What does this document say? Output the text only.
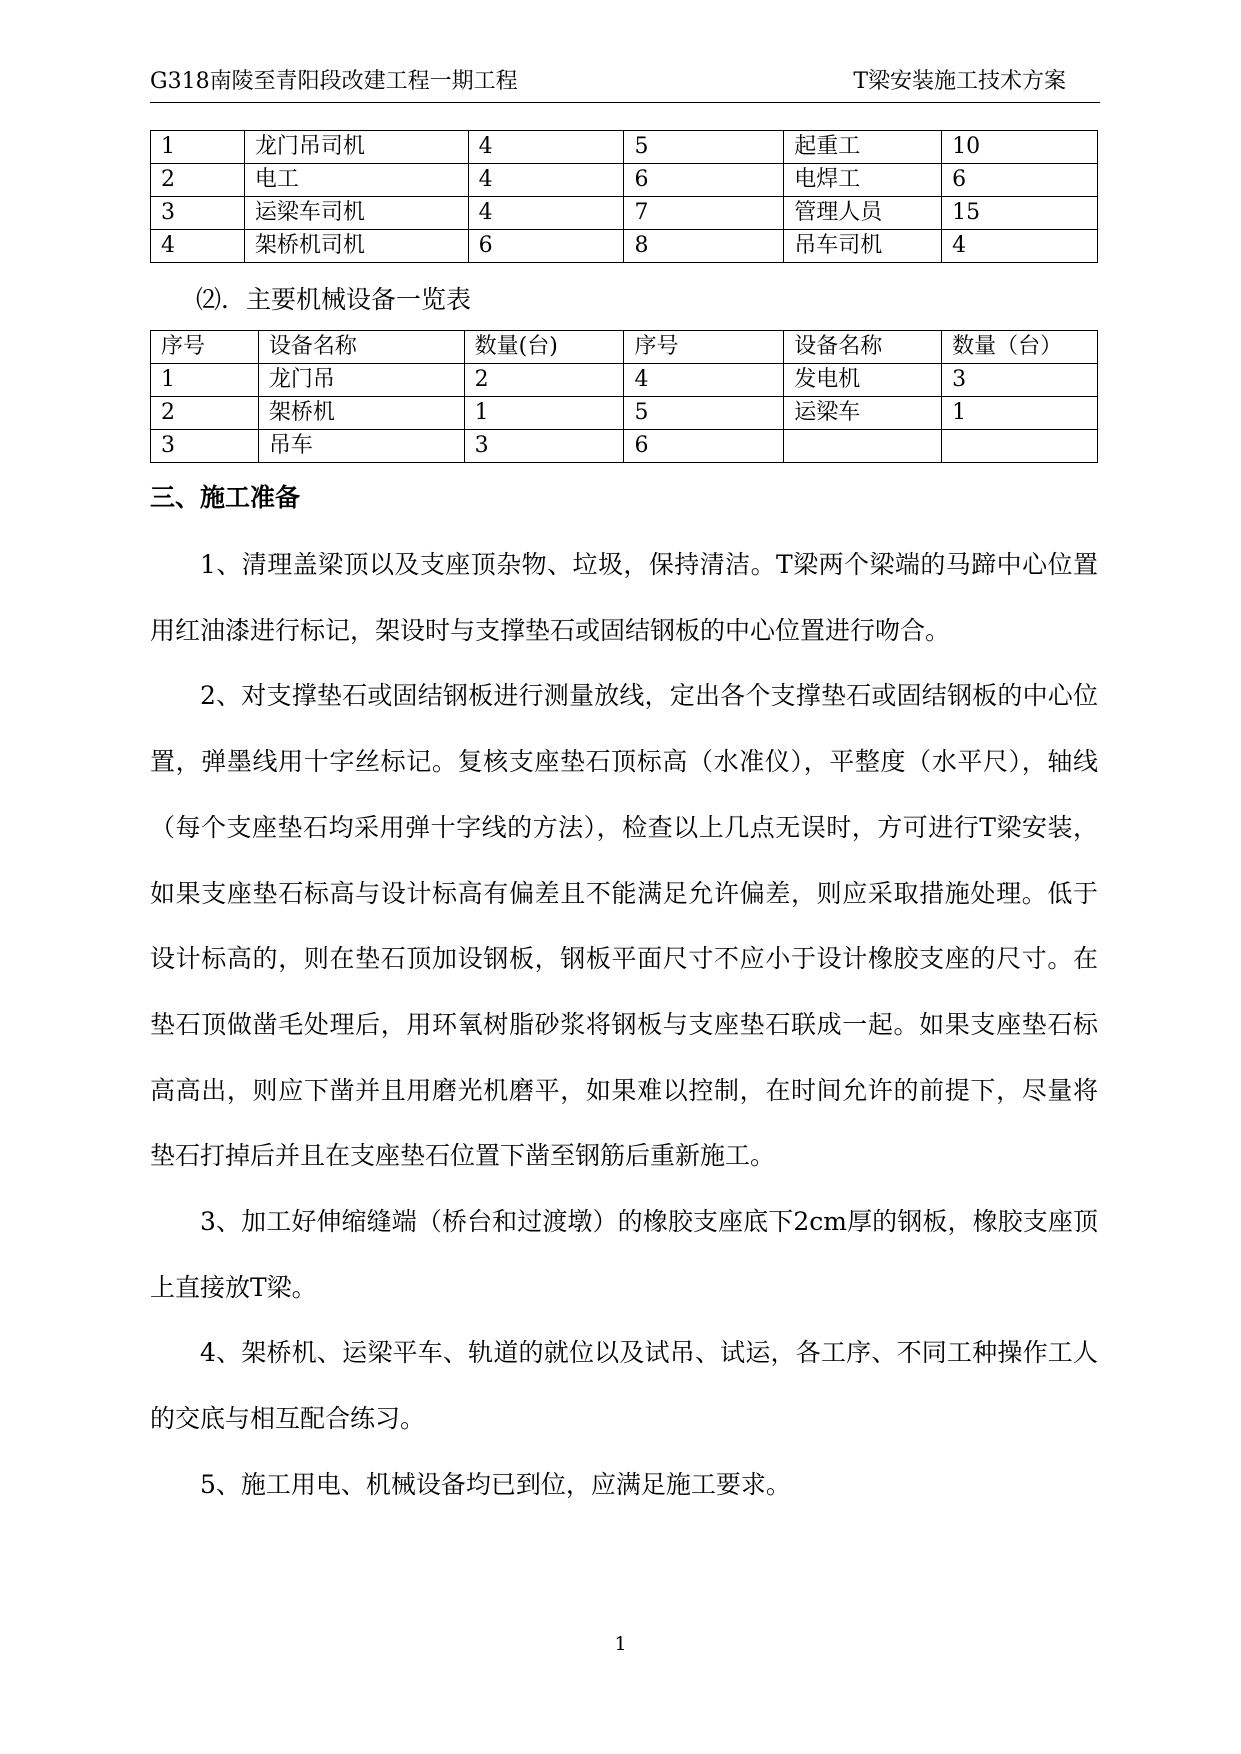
G318南陵至青阳段改建工程一期工程	T梁安装施工技术方案
1	龙门吊司机	4	5	起重工	10
2	电工	4	6	电焊工	6
3	运梁车司机	4	7	管理人员	15
4	架桥机司机	6	8	吊车司机	4
⑵．主要机械设备一览表
序号	设备名称	数量(台)	序号	设备名称	数量（台）
1	龙门吊	2	4	发电机	3
2	架桥机	1	5	运梁车	1
3	吊车	3	6		
三、施工准备

1、清理盖梁顶以及支座顶杂物、垃圾，保持清洁。T梁两个梁端的马蹄中心位置用红油漆进行标记，架设时与支撑垫石或固结钢板的中心位置进行吻合。

2、对支撑垫石或固结钢板进行测量放线，定出各个支撑垫石或固结钢板的中心位置，弹墨线用十字丝标记。复核支座垫石顶标高（水准仪），平整度（水平尺），轴线（每个支座垫石均采用弹十字线的方法），检查以上几点无误时，方可进行T梁安装，如果支座垫石标高与设计标高有偏差且不能满足允许偏差，则应采取措施处理。低于设计标高的，则在垫石顶加设钢板，钢板平面尺寸不应小于设计橡胶支座的尺寸。在垫石顶做凿毛处理后，用环氧树脂砂浆将钢板与支座垫石联成一起。如果支座垫石标高高出，则应下凿并且用磨光机磨平，如果难以控制，在时间允许的前提下，尽量将垫石打掉后并且在支座垫石位置下凿至钢筋后重新施工。

3、加工好伸缩缝端（桥台和过渡墩）的橡胶支座底下2cm厚的钢板，橡胶支座顶上直接放T梁。

4、架桥机、运梁平车、轨道的就位以及试吊、试运，各工序、不同工种操作工人的交底与相互配合练习。

5、施工用电、机械设备均已到位，应满足施工要求。

1
